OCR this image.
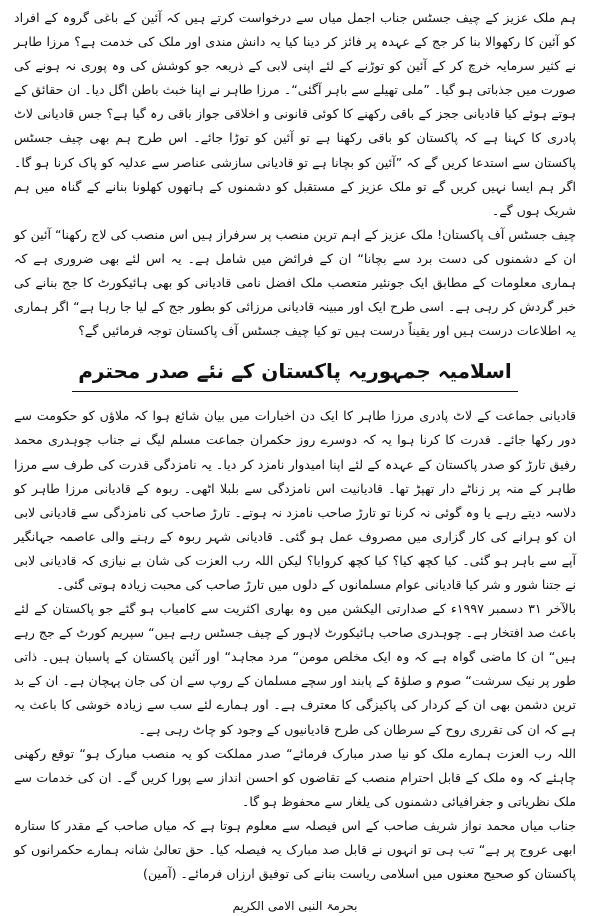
ہم ملک عزیز کے چیف جسٹس جناب اجمل میاں سے درخواست کرتے ہیں کہ آئین کے باغی گروہ کے افراد کو آئین کا رکھوالا بنا کر جج کے عہدہ پر فائز کر دینا کیا یہ دانش مندی اور ملک کی خدمت ہے؟ مرزا طاہر نے کثیر سرمایہ خرچ کر کے آئین کو توڑنے کے لئے اپنی لابی کے ذریعہ جو کوشش کی وہ پوری نہ ہونے کی صورت میں جذباتی ہو گیا۔ ”ملی تھیلے سے باہر آگئی“۔ مرزا طاہر نے اپنا خبث باطن اگل دیا۔ ان حقائق کے ہوتے ہوئے کیا قادیانی ججز کے باقی رکھنے کا کوئی قانونی و اخلاقی جواز باقی رہ گیا ہے؟ جس قادیانی لاٹ پادری کا کہنا ہے کہ پاکستان کو باقی رکھنا ہے تو آئین کو توڑا جائے۔ اس طرح ہم بھی چیف جسٹس پاکستان سے استدعا کریں گے کہ ”آئین کو بچانا ہے تو قادیانی سازشی عناصر سے عدلیہ کو پاک کرنا ہو گا۔ اگر ہم ایسا نہیں کریں گے تو ملک عزیز کے مستقبل کو دشمنوں کے ہاتھوں کھلونا بنانے کے گناہ میں ہم شریک ہوں گے۔

چیف جسٹس آف پاکستان! ملک عزیز کے اہم ترین منصب پر سرفراز ہیں اس منصب کی لاج رکھنا“ آئین کو ان کے دشمنوں کی دست برد سے بچانا“ ان کے فرائض میں شامل ہے۔ یہ اس لئے بھی ضروری ہے کہ ہماری معلومات کے مطابق ایک جونئیر متعصب ملک افضل نامی قادیانی کو بھی ہائیکورٹ کا جج بنانے کی خبر گردش کر رہی ہے۔ اسی طرح ایک اور مبینہ قادیانی مرزائی کو بطور جج کے لیا جا رہا ہے“ اگر ہماری یہ اطلاعات درست ہیں اور یقیناً درست ہیں تو کیا چیف جسٹس آف پاکستان توجہ فرمائیں گے؟

اسلامیہ جمہوریہ پاکستان کے نئے صدر محترم

قادیانی جماعت کے لاٹ پادری مرزا طاہر کا ایک دن اخبارات میں بیان شائع ہوا کہ ملاؤں کو حکومت سے دور رکھا جائے۔ قدرت کا کرنا ہوا یہ کہ دوسرے روز حکمران جماعت مسلم لیگ نے جناب چوہدری محمد رفیق تارڑ کو صدر پاکستان کے عہدہ کے لئے اپنا امیدوار نامزد کر دیا۔ یہ نامزدگی قدرت کی طرف سے مرزا طاہر کے منہ پر زناٹے دار تھپڑ تھا۔ قادیانیت اس نامزدگی سے بلبلا اٹھی۔ ربوہ کے قادیانی مرزا طاہر کو دلاسہ دیتے رہے یا وہ گوئی نہ کرنا تو تارڑ صاحب نامزد نہ ہوتے۔ تارڑ صاحب کی نامزدگی سے قادیانی لابی ان کو ہرانے کی کار گزاری میں مصروف عمل ہو گئی۔ قادیانی شہر ربوہ کے رہنے والی عاصمہ جہانگیر آپے سے باہر ہو گئی۔ کیا کچھ کیا؟ کیا کچھ کروایا؟ لیکن اللہ رب العزت کی شان بے نیازی کہ قادیانی لابی نے جتنا شور و شر کیا قادیانی عوام مسلمانوں کے دلوں میں تارڑ صاحب کی محبت زیادہ ہوتی گئی۔

بالآخر ۳۱ دسمبر ۱۹۹۷ء کے صدارتی الیکشن میں وہ بھاری اکثریت سے کامیاب ہو گئے جو پاکستان کے لئے باعث صد افتخار ہے۔ چوہدری صاحب ہائیکورٹ لاہور کے چیف جسٹس رہے ہیں“ سپریم کورٹ کے جج رہے ہیں“ ان کا ماضی گواہ ہے کہ وہ ایک مخلص مومن“ مرد مجاہد“ اور آئین پاکستان کے پاسبان ہیں۔ ذاتی طور پر نیک سرشت“ صوم و صلوٰۃ کے پابند اور سچے مسلمان کے روپ سے ان کی جان پہچان ہے۔ ان کے بد ترین دشمن بھی ان کے کردار کی پاکیزگی کا معترف ہے۔ اور ہمارے لئے سب سے زیادہ خوشی کا باعث یہ ہے کہ ان کی تقرری روح کے سرطان کی طرح قادیانیوں کے وجود کو چاٹ رہی ہے۔

اللہ رب العزت ہمارے ملک کو نیا صدر مبارک فرمائے“ صدر مملکت کو یہ منصب مبارک ہو“ توقع رکھنی چاہئے کہ وہ ملک کے قابل احترام منصب کے تقاضوں کو احسن انداز سے پورا کریں گے۔ ان کی خدمات سے ملک نظریاتی و جغرافیائی دشمنوں کی یلغار سے محفوظ ہو گا۔

جناب میاں محمد نواز شریف صاحب کے اس فیصلہ سے معلوم ہوتا ہے کہ میاں صاحب کے مقدر کا ستارہ ابھی عروج پر ہے“ تب ہی تو انہوں نے قابل صد مبارک یہ فیصلہ کیا۔ حق تعالیٰ شانہ ہمارے حکمرانوں کو پاکستان کو صحیح معنوں میں اسلامی ریاست بنانے کی توفیق ارزاں فرمائے۔ (آمین)

بحرمۃ النبی الامی الکریم
